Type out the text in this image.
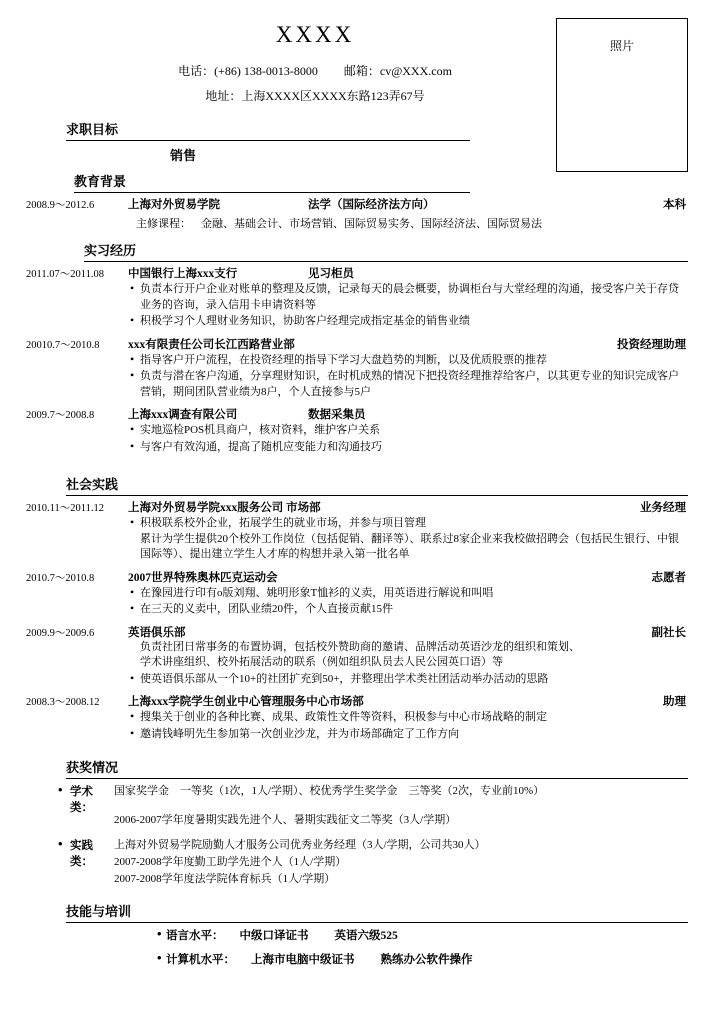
XXXX
电话：(+86) 138-0013-8000 邮箱：cv@XXX.com
地址：上海XXXX区XXXX东路123弄67号
照片
求职目标
销售
教育背景
2008.9～2012.6	上海对外贸易学院	法学（国际经济法方向）	本科
主修课程： 金融、基础会计、市场营销、国际贸易实务、国际经济法、国际贸易法
实习经历
2011.07～2011.08	中国银行上海xxx支行	见习柜员
• 负责本行开户企业对账单的整理及反馈，记录每天的晨会概要，协调柜台与大堂经理的沟通，接受客户关于存贷业务的咨询，录入信用卡申请资料等
• 积极学习个人理财业务知识，协助客户经理完成指定基金的销售业绩
20010.7～2010.8	xxx有限责任公司长江西路营业部	投资经理助理
• 指导客户开户流程，在投资经理的指导下学习大盘趋势的判断，以及优质股票的推荐
• 负责与潜在客户沟通，分享理财知识，在时机成熟的情况下把投资经理推荐给客户，以其更专业的知识完成客户营销，期间团队营业绩为8户，个人直接参与5户
2009.7～2008.8	上海xxx调查有限公司	数据采集员
• 实地巡检POS机具商户，核对资料，维护客户关系
• 与客户有效沟通，提高了随机应变能力和沟通技巧
社会实践
2010.11～2011.12	上海对外贸易学院xxx服务公司 市场部	业务经理
• 积极联系校外企业，拓展学生的就业市场，并参与项目管理
累计为学生提供20个校外工作岗位（包括促销、翻译等）、联系过8家企业来我校做招聘会（包括民生银行、中银国际等）、提出建立学生人才库的构想并录入第一批名单
2010.7～2010.8	2007世界特殊奥林匹克运动会	志愿者
• 在豫园进行印有o版刘翔、姚明形象T恤衫的义卖，用英语进行解说和叫唱
• 在三天的义卖中，团队业绩20件，个人直接贡献15件
2009.9～2009.6	英语俱乐部	副社长
负责社团日常事务的布置协调，包括校外赞助商的邀请、品牌活动英语沙龙的组织和策划、
学术讲座组织、校外拓展活动的联系（例如组织队员去人民公园英口语）等
• 使英语俱乐部从一个10+的社团扩充到50+，并整理出学术类社团活动举办活动的思路
2008.3～2008.12	上海xxx学院学生创业中心管理服务中心市场部	助理
• 搜集关于创业的各种比赛、成果、政策性文件等资料，积极参与中心市场战略的制定
• 邀请钱峰明先生参加第一次创业沙龙，并为市场部确定了工作方向
获奖情况
• 学术类：
国家奖学金　一等奖（1次，1人/学期）、校优秀学生奖学金　三等奖（2次，专业前10%）
2006-2007学年度暑期实践先进个人、暑期实践征文二等奖（3人/学期）
• 实践类：
上海对外贸易学院励勤人才服务公司优秀业务经理（3人/学期，公司共30人）
2007-2008学年度勤工助学先进个人（1人/学期）
2007-2008学年度法学院体育标兵（1人/学期）
技能与培训
• 语言水平：	中级口译证书	英语六级525
• 计算机水平：	上海市电脑中级证书	熟练办公软件操作
